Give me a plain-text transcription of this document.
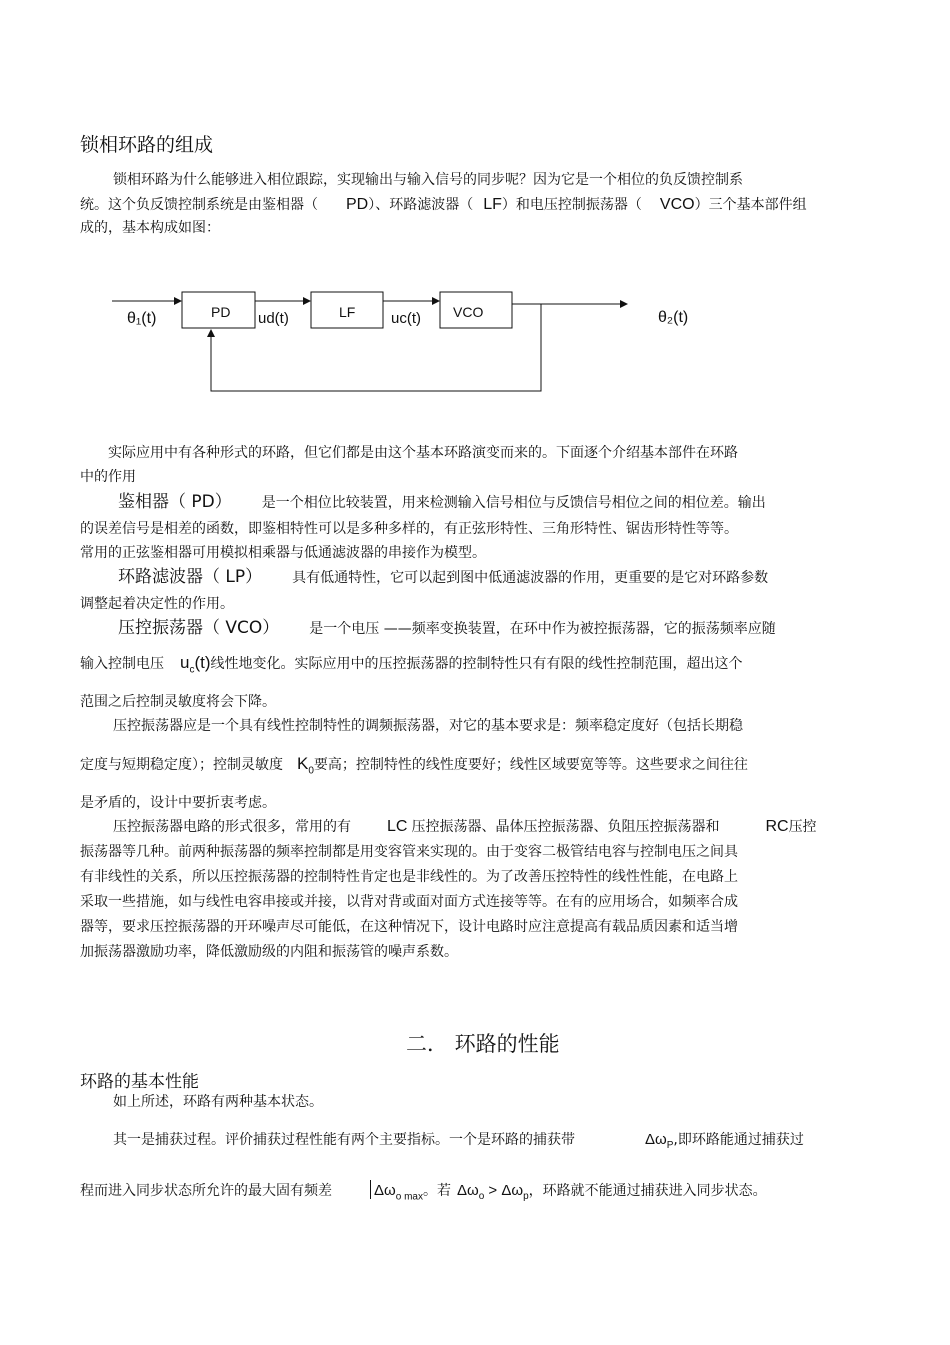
锁相环路的组成

锁相环路为什么能够进入相位跟踪，实现输出与输入信号的同步呢？因为它是一个相位的负反馈控制系

统。这个负反馈控制系统是由鉴相器（ PD）、环路滤波器（ LF）和电压控制振荡器（ VCO）三个基本部件组

成的，基本构成如图：

θ₁(t)	PD ud(t)	LF uc(t) VCO	θ₂(t)

实际应用中有各种形式的环路，但它们都是由这个基本环路演变而来的。下面逐个介绍基本部件在环路

中的作用

鉴相器（ PD） 是一个相位比较装置，用来检测输入信号相位与反馈信号相位之间的相位差。输出

的误差信号是相差的函数，即鉴相特性可以是多种多样的，有正弦形特性、三角形特性、锯齿形特性等等。

常用的正弦鉴相器可用模拟相乘器与低通滤波器的串接作为模型。

环路滤波器（ LP） 具有低通特性，它可以起到图中低通滤波器的作用，更重要的是它对环路参数

调整起着决定性的作用。

压控振荡器（ VCO） 是一个电压 ——频率变换装置，在环中作为被控振荡器，它的振荡频率应随

输入控制电压 $u_c(t)$线性地变化。实际应用中的压控振荡器的控制特性只有有限的线性控制范围，超出这个

范围之后控制灵敏度将会下降。

压控振荡器应是一个具有线性控制特性的调频振荡器，对它的基本要求是：频率稳定度好（包括长期稳

定度与短期稳定度）；控制灵敏度 $K_0$要高；控制特性的线性度要好；线性区域要宽等等。这些要求之间往往

是矛盾的，设计中要折衷考虑。

压控振荡器电路的形式很多，常用的有 LC 压控振荡器、晶体压控振荡器、负阻压控振荡器和	RC压控

振荡器等几种。前两种振荡器的频率控制都是用变容管来实现的。由于变容二极管结电容与控制电压之间具

有非线性的关系，所以压控振荡器的控制特性肯定也是非线性的。为了改善压控特性的线性性能，在电路上

采取一些措施，如与线性电容串接或并接，以背对背或面对面方式连接等等。在有的应用场合，如频率合成

器等，要求压控振荡器的开环噪声尽可能低，在这种情况下，设计电路时应注意提高有载品质因素和适当增

加振荡器激励功率，降低激励级的内阻和振荡管的噪声系数。

二． 环路的性能
环路的基本性能

如上所述，环路有两种基本状态。

其一是捕获过程。评价捕获过程性能有两个主要指标。一个是环路的捕获带	$\Delta\omega_P$,即环路能通过捕获过

程而进入同步状态所允许的最大固有频差	$\Delta\omega_{o max}$。若 $\Delta\omega_o > \Delta\omega_p$，环路就不能通过捕获进入同步状态。
